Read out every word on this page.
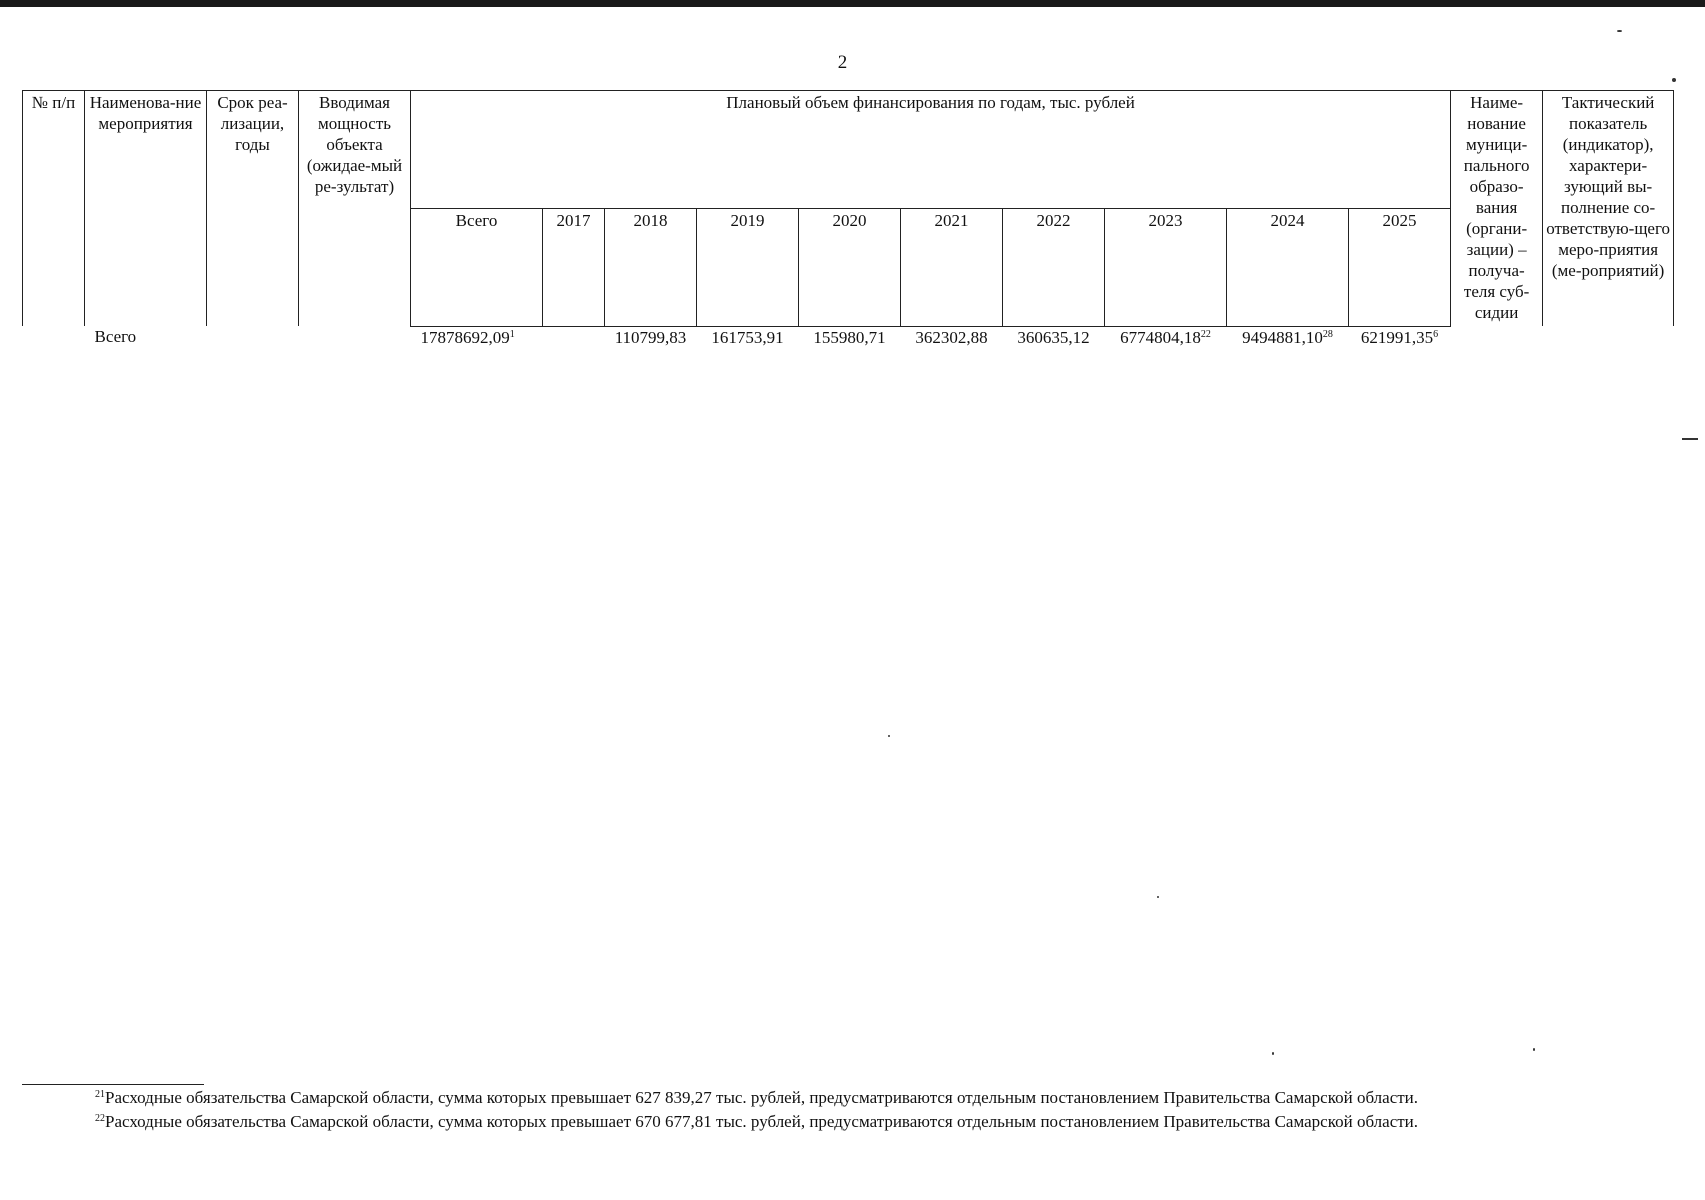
2
№ п/п	Наименова-ние мероприятия	Срок реа-лизации, годы	Вводимая мощность объекта (ожидае-мый ре-зультат)	Плановый объем финансирования по годам, тыс. рублей										Наиме-нование муници-пального образо-вания (органи-зации) – получа-теля суб-сидии	Тактический показатель (индикатор), характери-зующий вы-полнение со-ответствую-щего меро-приятия (ме-роприятий)
				Всего	2017	2018	2019	2020	2021	2022	2023	2024	2025		
	Всего			17878692,09$^1$		110799,83	161753,91	155980,71	362302,88	360635,12	6774804,18$^{22}$	9494881,10$^{28}$	621991,35$^6$		
$^{21}$Расходные обязательства Самарской области, сумма которых превышает 627 839,27 тыс. рублей, предусматриваются отдельным постановлением Правительства Самарской области.
$^{22}$Расходные обязательства Самарской области, сумма которых превышает 670 677,81 тыс. рублей, предусматриваются отдельным постановлением Правительства Самарской области.
